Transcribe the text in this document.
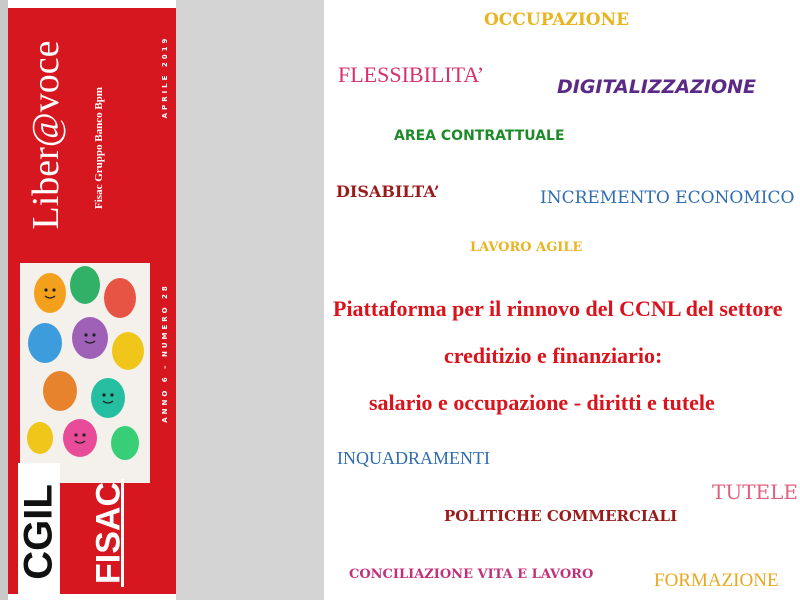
Liber@voce Fisac Gruppo Banco Bpm
APRILE 2019
ANNO 6 – NUMERO 28
CGIL FISAC
OCCUPAZIONE
FLESSIBILITA’	DIGITALIZZAZIONE
AREA CONTRATTUALE
DISABILTA’	INCREMENTO ECONOMICO
LAVORO AGILE
Piattaforma per il rinnovo del CCNL del settore
creditizio e finanziario:
salario e occupazione - diritti e tutele
INQUADRAMENTI
TUTELE
POLITICHE COMMERCIALI
CONCILIAZIONE VITA E LAVORO	FORMAZIONE
